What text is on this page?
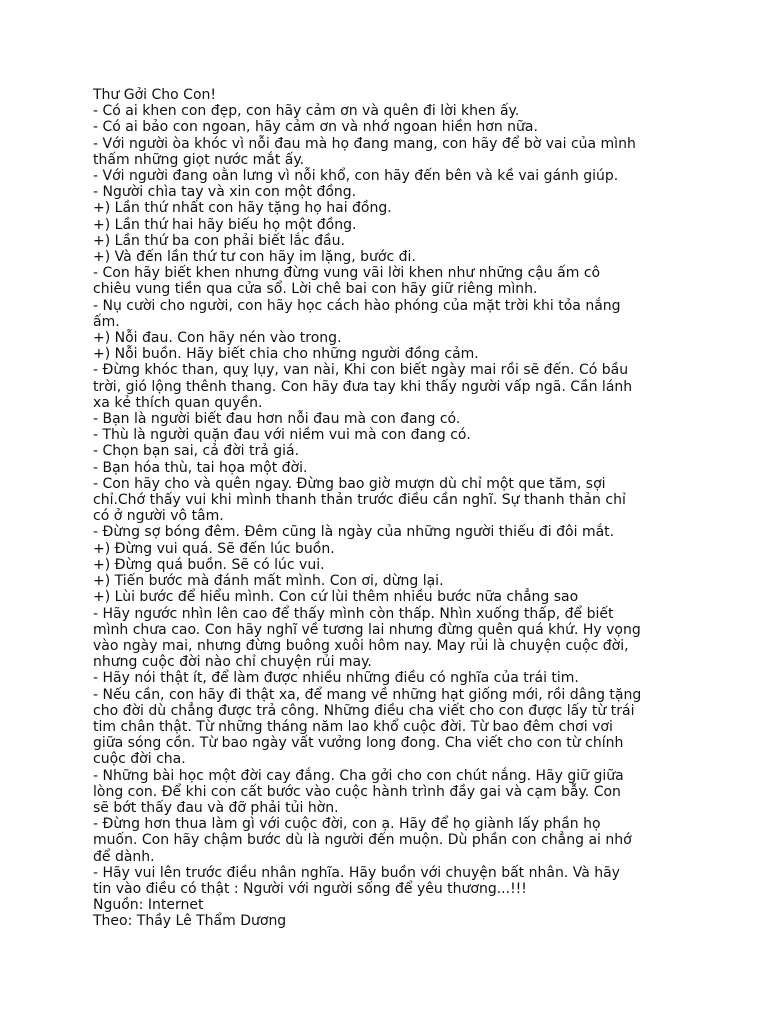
Thư Gởi Cho Con!
- Có ai khen con đẹp, con hãy cảm ơn và quên đi lời khen ấy.
- Có ai bảo con ngoan, hãy cảm ơn và nhớ ngoan hiền hơn nữa.
- Với người òa khóc vì nỗi đau mà họ đang mang, con hãy để bờ vai của mình
thấm những giọt nước mắt ấy.
- Với người đang oằn lưng vì nỗi khổ, con hãy đến bên và kề vai gánh giúp.
- Người chìa tay và xin con một đồng.
+) Lần thứ nhất con hãy tặng họ hai đồng.
+) Lần thứ hai hãy biếu họ một đồng.
+) Lần thứ ba con phải biết lắc đầu.
+) Và đến lần thứ tư con hãy im lặng, bước đi.
- Con hãy biết khen nhưng đừng vung vãi lời khen như những cậu ấm cô
chiêu vung tiền qua cửa sổ. Lời chê bai con hãy giữ riêng mình.
- Nụ cười cho người, con hãy học cách hào phóng của mặt trời khi tỏa nắng
ấm.
+) Nỗi đau. Con hãy nén vào trong.
+) Nỗi buồn. Hãy biết chia cho những người đồng cảm.
- Đừng khóc than, quỵ lụy, van nài, Khi con biết ngày mai rồi sẽ đến. Có bầu
trời, gió lộng thênh thang. Con hãy đưa tay khi thấy người vấp ngã. Cần lánh
xa kẻ thích quan quyền.
- Bạn là người biết đau hơn nỗi đau mà con đang có.
- Thù là người quặn đau với niềm vui mà con đang có.
- Chọn bạn sai, cả đời trả giá.
- Bạn hóa thù, tai họa một đời.
- Con hãy cho và quên ngay. Đừng bao giờ mượn dù chỉ một que tăm, sợi
chỉ.Chớ thấy vui khi mình thanh thản trước điều cần nghĩ. Sự thanh thản chỉ
có ở người vô tâm.
- Đừng sợ bóng đêm. Đêm cũng là ngày của những người thiếu đi đôi mắt.
+) Đừng vui quá. Sẽ đến lúc buồn.
+) Đừng quá buồn. Sẽ có lúc vui.
+) Tiến bước mà đánh mất mình. Con ơi, dừng lại.
+) Lùi bước để hiểu mình. Con cứ lùi thêm nhiều bước nữa chẳng sao
- Hãy ngước nhìn lên cao để thấy mình còn thấp. Nhìn xuống thấp, để biết
mình chưa cao. Con hãy nghĩ về tương lai nhưng đừng quên quá khứ. Hy vọng
vào ngày mai, nhưng đừng buông xuôi hôm nay. May rủi là chuyện cuộc đời,
nhưng cuộc đời nào chỉ chuyện rủi may.
- Hãy nói thật ít, để làm được nhiều những điều có nghĩa của trái tim.
- Nếu cần, con hãy đi thật xa, để mang về những hạt giống mới, rồi dâng tặng
cho đời dù chẳng được trả công. Những điều cha viết cho con được lấy từ trái
tim chân thật. Từ những tháng năm lao khổ cuộc đời. Từ bao đêm chơi vơi
giữa sóng cồn. Từ bao ngày vất vưởng long đong. Cha viết cho con từ chính
cuộc đời cha.
- Những bài học một đời cay đắng. Cha gởi cho con chút nắng. Hãy giữ giữa
lòng con. Để khi con cất bước vào cuộc hành trình đầy gai và cạm bẫy. Con
sẽ bớt thấy đau và đỡ phải tủi hờn.
- Đừng hơn thua làm gì với cuộc đời, con ạ. Hãy để họ giành lấy phần họ
muốn. Con hãy chậm bước dù là người đến muộn. Dù phần con chẳng ai nhớ
để dành.
- Hãy vui lên trước điều nhân nghĩa. Hãy buồn với chuyện bất nhân. Và hãy
tin vào điều có thật : Người với người sống để yêu thương...!!!
Nguồn: Internet
Theo: Thầy Lê Thẩm Dương
